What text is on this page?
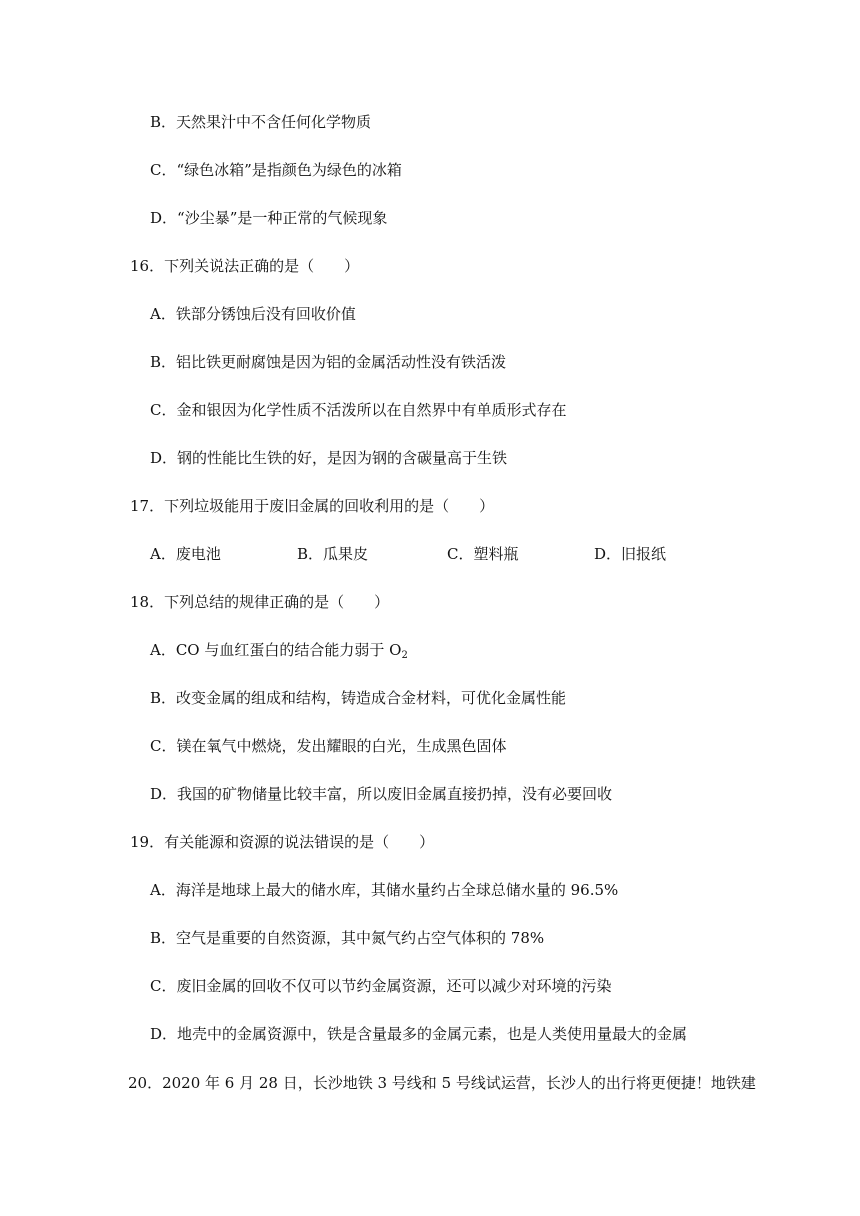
B．天然果汁中不含任何化学物质
C．“绿色冰箱”是指颜色为绿色的冰箱
D．“沙尘暴”是一种正常的气候现象
16．下列关说法正确的是（　　）
A．铁部分锈蚀后没有回收价值
B．铝比铁更耐腐蚀是因为铝的金属活动性没有铁活泼
C．金和银因为化学性质不活泼所以在自然界中有单质形式存在
D．钢的性能比生铁的好，是因为钢的含碳量高于生铁
17．下列垃圾能用于废旧金属的回收利用的是（　　）
A．废电池	B．瓜果皮	C．塑料瓶	D．旧报纸
18．下列总结的规律正确的是（　　）
A．CO 与血红蛋白的结合能力弱于 $O_2$
B．改变金属的组成和结构，铸造成合金材料，可优化金属性能
C．镁在氧气中燃烧，发出耀眼的白光，生成黑色固体
D．我国的矿物储量比较丰富，所以废旧金属直接扔掉，没有必要回收
19．有关能源和资源的说法错误的是（　　）
A．海洋是地球上最大的储水库，其储水量约占全球总储水量的 96.5%
B．空气是重要的自然资源，其中氮气约占空气体积的 78%
C．废旧金属的回收不仅可以节约金属资源，还可以减少对环境的污染
D．地壳中的金属资源中，铁是含量最多的金属元素，也是人类使用量最大的金属
20．2020 年 6 月 28 日，长沙地铁 3 号线和 5 号线试运营，长沙人的出行将更便捷！地铁建
